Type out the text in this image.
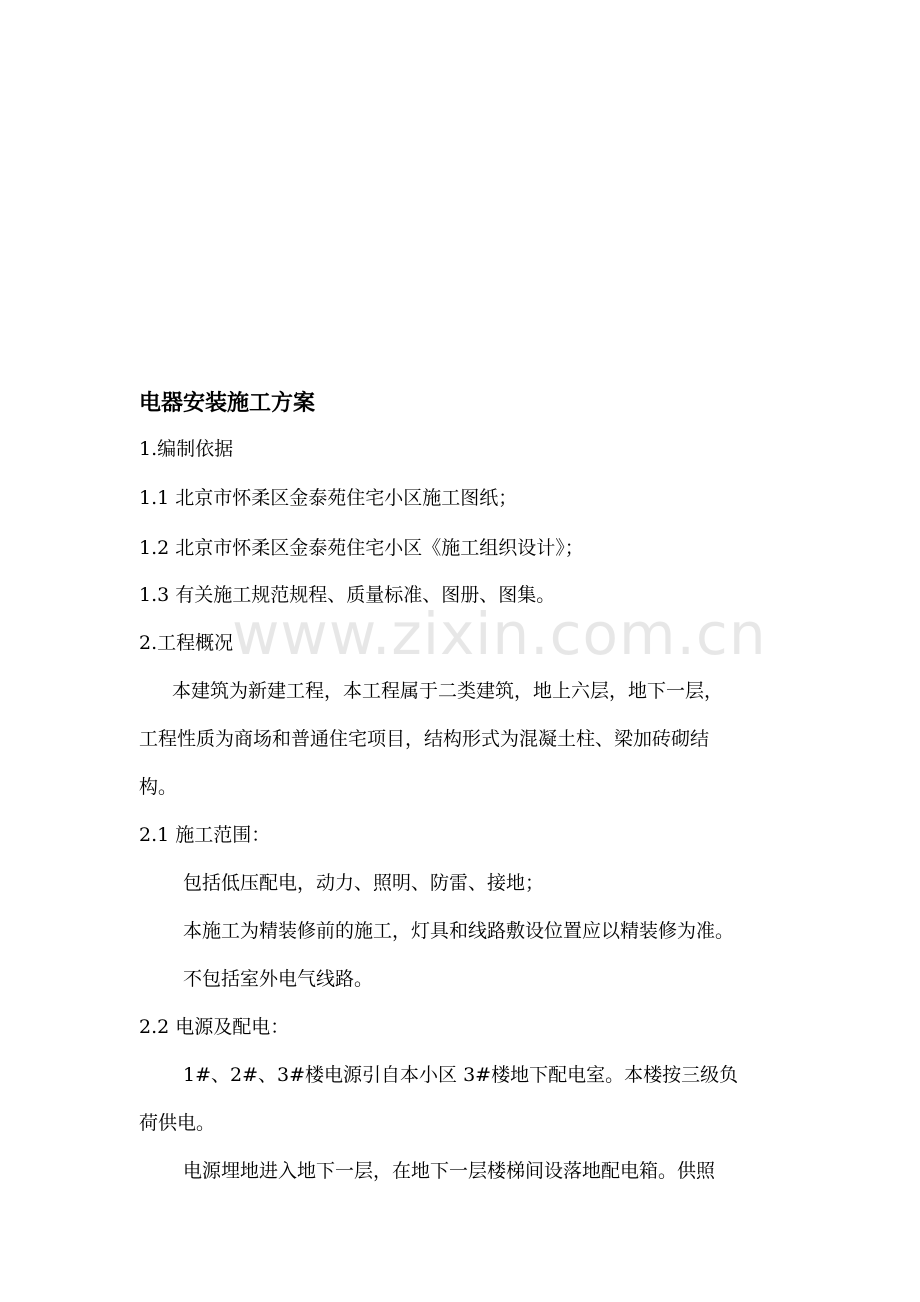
电器安装施工方案
1.编制依据
1.1 北京市怀柔区金泰苑住宅小区施工图纸；
1.2 北京市怀柔区金泰苑住宅小区《施工组织设计》；
1.3 有关施工规范规程、质量标准、图册、图集。
2.工程概况
本建筑为新建工程，本工程属于二类建筑，地上六层，地下一层，
工程性质为商场和普通住宅项目，结构形式为混凝土柱、梁加砖砌结
构。
2.1 施工范围：
包括低压配电，动力、照明、防雷、接地；
本施工为精装修前的施工，灯具和线路敷设位置应以精装修为准。
不包括室外电气线路。
2.2 电源及配电：
1#、2#、3#楼电源引自本小区 3#楼地下配电室。本楼按三级负
荷供电。
电源埋地进入地下一层，在地下一层楼梯间设落地配电箱。供照
www.zixin.com.cn
